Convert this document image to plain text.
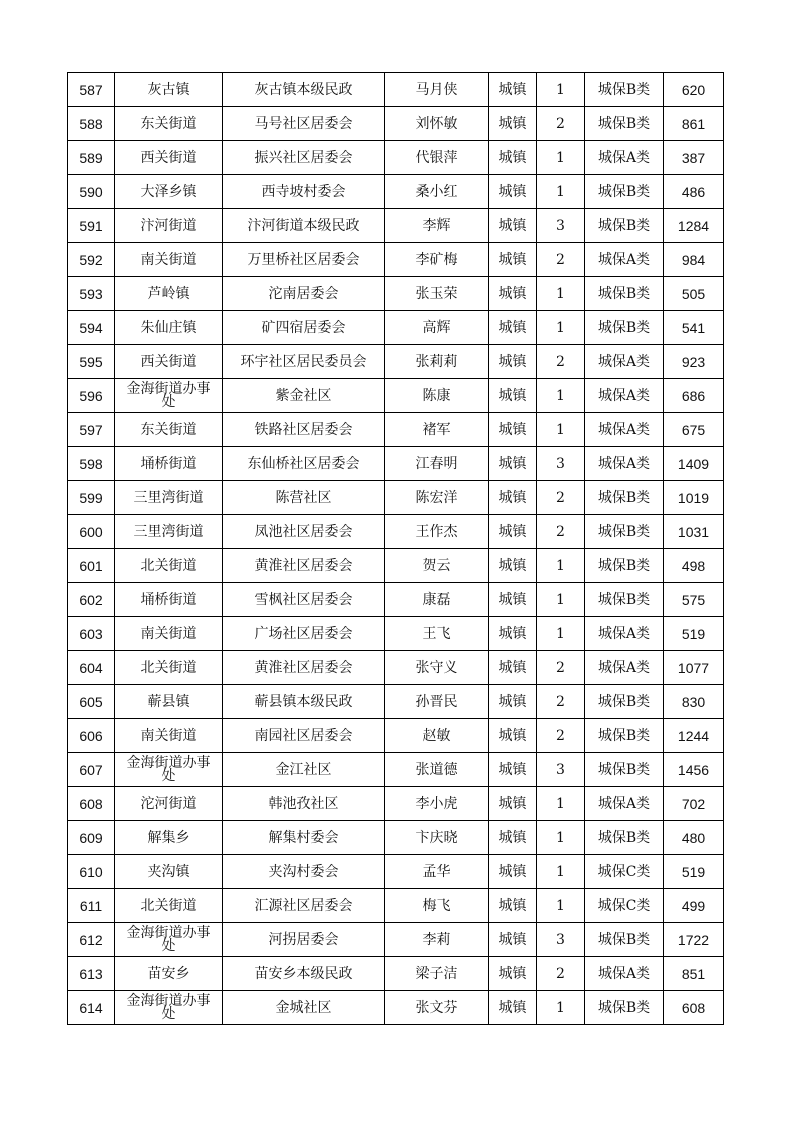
587	灰古镇	灰古镇本级民政	马月侠	城镇	1	城保B类	620
588	东关街道	马号社区居委会	刘怀敏	城镇	2	城保B类	861
589	西关街道	振兴社区居委会	代银萍	城镇	1	城保A类	387
590	大泽乡镇	西寺坡村委会	桑小红	城镇	1	城保B类	486
591	汴河街道	汴河街道本级民政	李辉	城镇	3	城保B类	1284
592	南关街道	万里桥社区居委会	李矿梅	城镇	2	城保A类	984
593	芦岭镇	沱南居委会	张玉荣	城镇	1	城保B类	505
594	朱仙庄镇	矿四宿居委会	高辉	城镇	1	城保B类	541
595	西关街道	环宇社区居民委员会	张莉莉	城镇	2	城保A类	923
596	金海街道办事处	紫金社区	陈康	城镇	1	城保A类	686
597	东关街道	铁路社区居委会	褚军	城镇	1	城保A类	675
598	埇桥街道	东仙桥社区居委会	江春明	城镇	3	城保A类	1409
599	三里湾街道	陈营社区	陈宏洋	城镇	2	城保B类	1019
600	三里湾街道	凤池社区居委会	王作杰	城镇	2	城保B类	1031
601	北关街道	黄淮社区居委会	贺云	城镇	1	城保B类	498
602	埇桥街道	雪枫社区居委会	康磊	城镇	1	城保B类	575
603	南关街道	广场社区居委会	王飞	城镇	1	城保A类	519
604	北关街道	黄淮社区居委会	张守义	城镇	2	城保A类	1077
605	蕲县镇	蕲县镇本级民政	孙晋民	城镇	2	城保B类	830
606	南关街道	南园社区居委会	赵敏	城镇	2	城保B类	1244
607	金海街道办事处	金江社区	张道德	城镇	3	城保B类	1456
608	沱河街道	韩池孜社区	李小虎	城镇	1	城保A类	702
609	解集乡	解集村委会	卞庆晓	城镇	1	城保B类	480
610	夹沟镇	夹沟村委会	孟华	城镇	1	城保C类	519
611	北关街道	汇源社区居委会	梅飞	城镇	1	城保C类	499
612	金海街道办事处	河拐居委会	李莉	城镇	3	城保B类	1722
613	苗安乡	苗安乡本级民政	梁子洁	城镇	2	城保A类	851
614	金海街道办事处	金城社区	张文芬	城镇	1	城保B类	608
